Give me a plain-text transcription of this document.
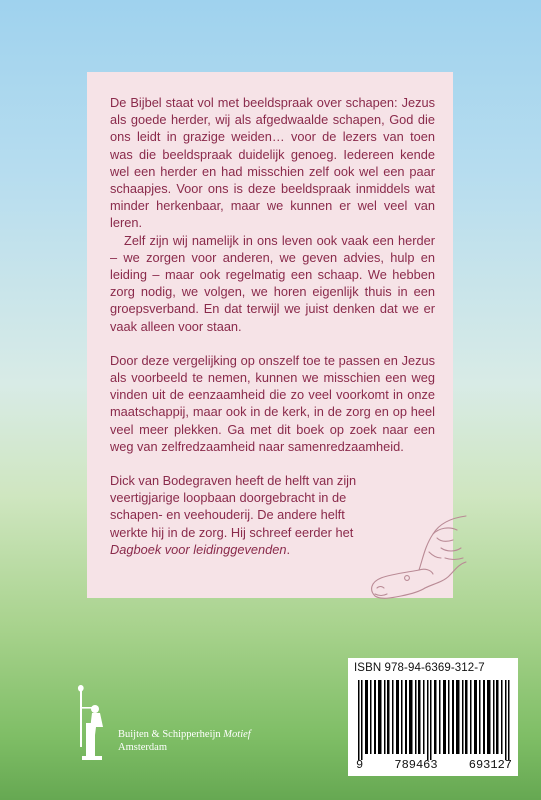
De Bijbel staat vol met beeldspraak over schapen: Jezus als goede herder, wij als afgedwaalde schapen, God die ons leidt in grazige weiden… voor de lezers van toen was die beeldspraak duidelijk genoeg. Iedereen kende wel een herder en had misschien zelf ook wel een paar schaapjes. Voor ons is deze beeldspraak inmiddels wat minder herkenbaar, maar we kunnen er wel veel van leren.

Zelf zijn wij namelijk in ons leven ook vaak een herder – we zorgen voor anderen, we geven advies, hulp en leiding – maar ook regelmatig een schaap. We hebben zorg nodig, we volgen, we horen eigenlijk thuis in een groepsverband. En dat terwijl we juist denken dat we er vaak alleen voor staan.

Door deze vergelijking op onszelf toe te passen en Jezus als voorbeeld te nemen, kunnen we misschien een weg vinden uit de eenzaamheid die zo veel voorkomt in onze maatschappij, maar ook in de kerk, in de zorg en op heel veel meer plekken. Ga met dit boek op zoek naar een weg van zelfredzaamheid naar samenredzaamheid.

Dick van Bodegraven heeft de helft van zijn veertigjarige loopbaan doorgebracht in de schapen- en veehouderij. De andere helft werkte hij in de zorg. Hij schreef eerder het Dagboek voor leidinggevenden.

ISBN 978-94-6369-312-7
9	789463	693127
Buijten & Schipperheijn Motief
Amsterdam
